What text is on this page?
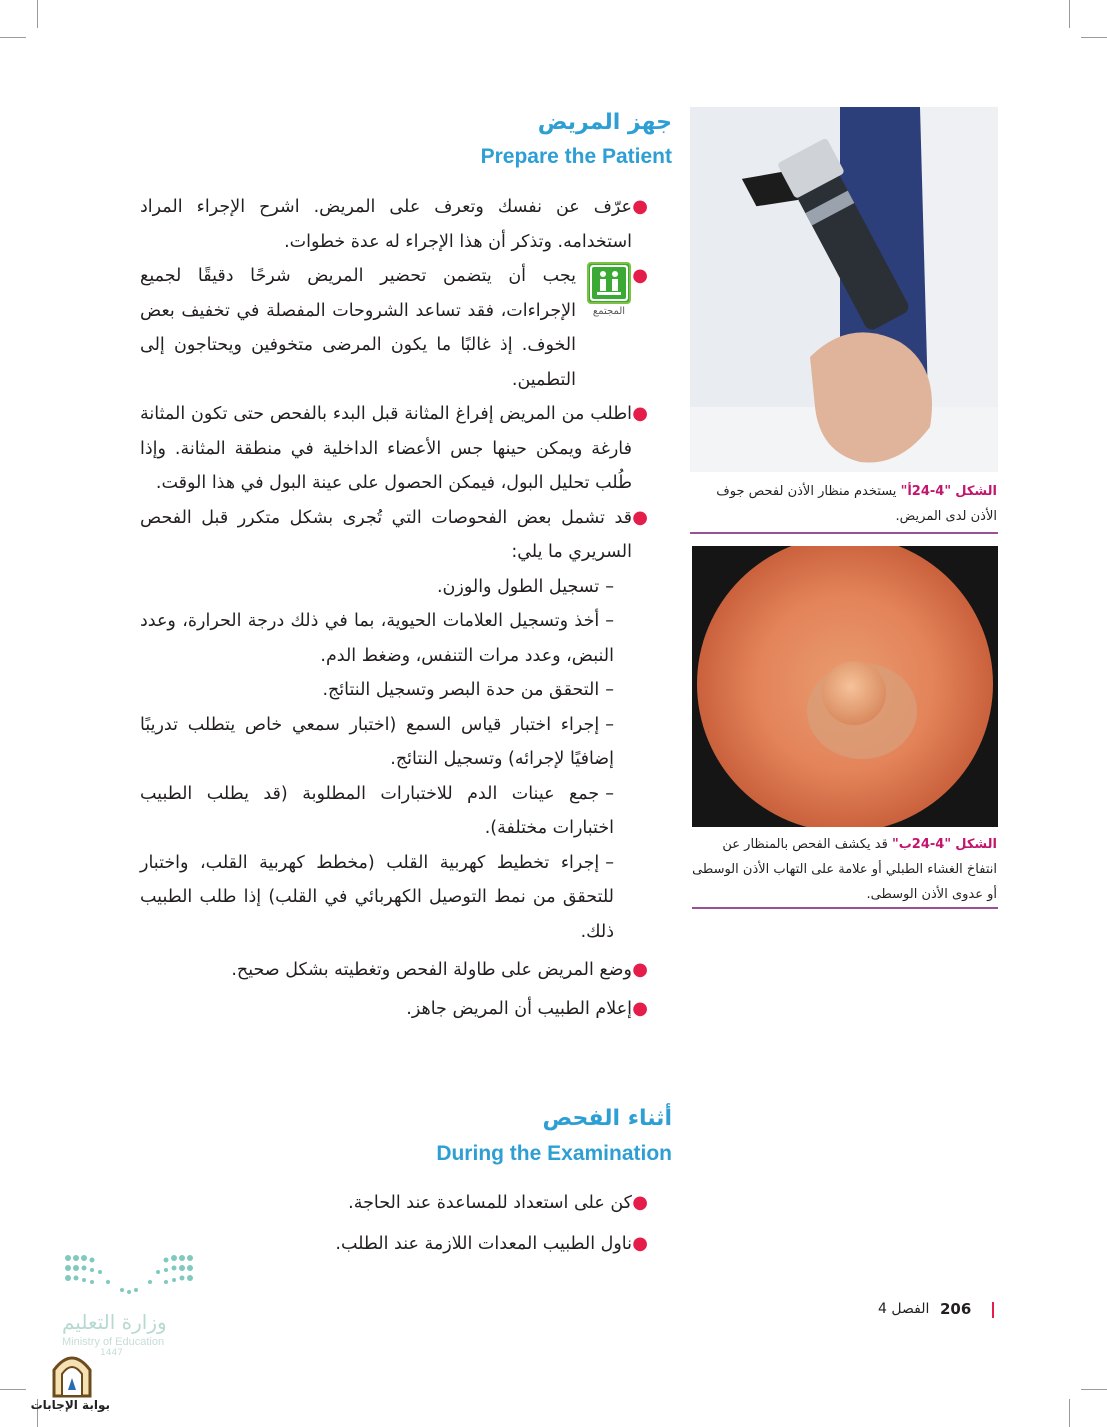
جهز المريض
Prepare the Patient
●

عرّف عن نفسك وتعرف على المريض. اشرح الإجراء المراد استخدامه. وتذكر أن هذا الإجراء له عدة خطوات.

●

يجب أن يتضمن تحضير المريض شرحًا دقيقًا لجميع الإجراءات، فقد تساعد الشروحات المفصلة في تخفيف بعض الخوف. إذ غالبًا ما يكون المرضى متخوفين ويحتاجون إلى التطمين.

●

اطلب من المريض إفراغ المثانة قبل البدء بالفحص حتى تكون المثانة فارغة ويمكن حينها جس الأعضاء الداخلية في منطقة المثانة. وإذا طُلب تحليل البول، فيمكن الحصول على عينة البول في هذا الوقت.

●

قد تشمل بعض الفحوصات التي تُجرى بشكل متكرر قبل الفحص السريري ما يلي:

–تسجيل الطول والوزن.
–أخذ وتسجيل العلامات الحيوية، بما في ذلك درجة الحرارة، وعدد النبض، وعدد مرات التنفس، وضغط الدم.
–التحقق من حدة البصر وتسجيل النتائج.
–إجراء اختبار قياس السمع (اختبار سمعي خاص يتطلب تدريبًا إضافيًا لإجرائه) وتسجيل النتائج.
–جمع عينات الدم للاختبارات المطلوبة (قد يطلب الطبيب اختبارات مختلفة).
–إجراء تخطيط كهربية القلب (مخطط كهربية القلب، واختبار للتحقق من نمط التوصيل الكهربائي في القلب) إذا طلب الطبيب ذلك.
●

وضع المريض على طاولة الفحص وتغطيته بشكل صحيح.

●

إعلام الطبيب أن المريض جاهز.

المجتمع
أثناء الفحص
During the Examination
●

كن على استعداد للمساعدة عند الحاجة.

●

ناول الطبيب المعدات اللازمة عند الطلب.

الشكل "4-24أ" يستخدم منظار الأذن لفحص جوف الأذن لدى المريض.
الشكل "4-24ب" قد يكشف الفحص بالمنظار عن انتفاخ الغشاء الطبلي أو علامة على التهاب الأذن الوسطى أو عدوى الأذن الوسطى.
206
الفصل 4
وزارة التعليم
Ministry of Education
1447
بوابة الإجابات
